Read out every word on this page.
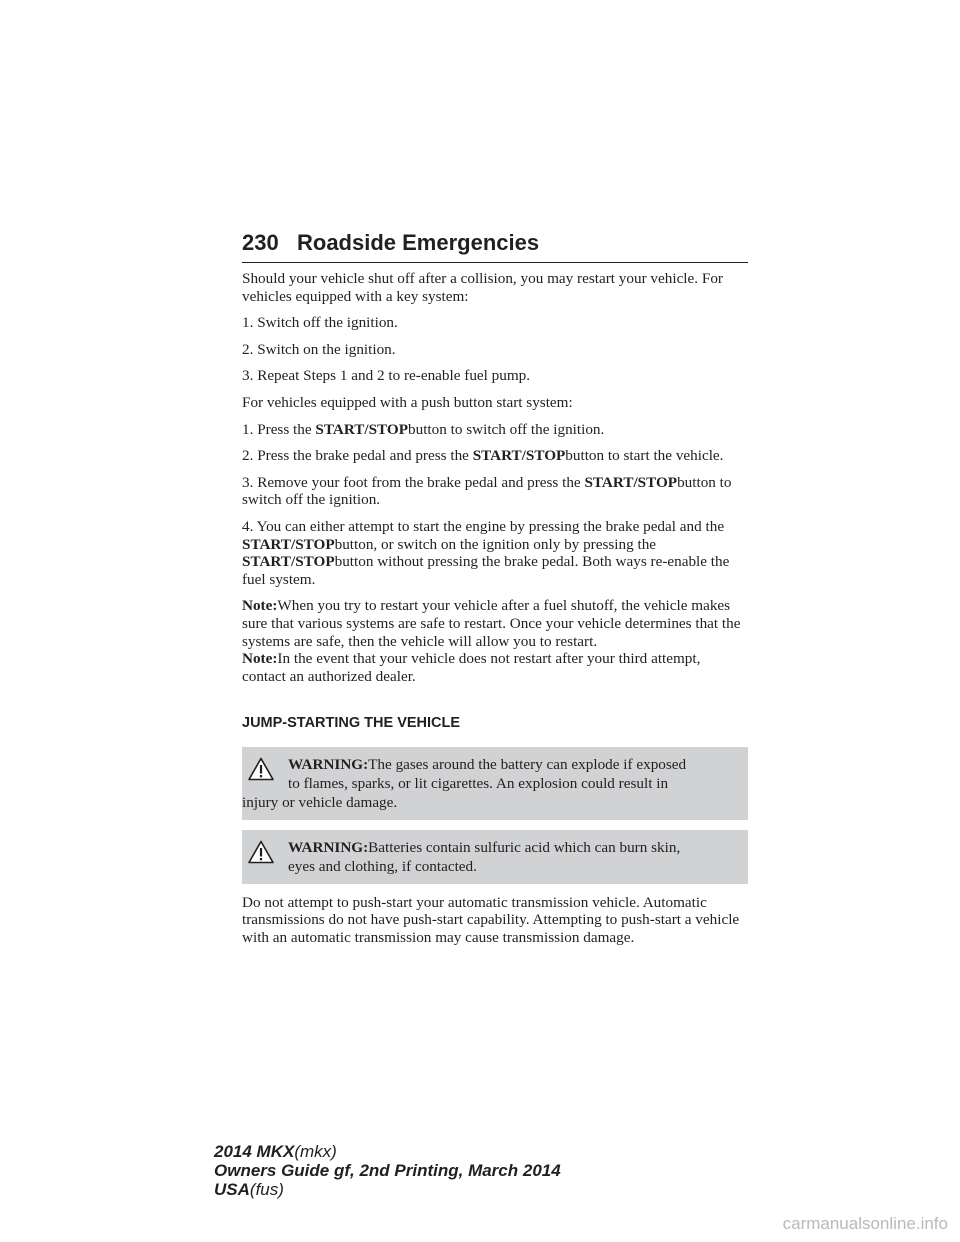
230 Roadside Emergencies

Should your vehicle shut off after a collision, you may restart your vehicle. For vehicles equipped with a key system:

1. Switch off the ignition.

2. Switch on the ignition.

3. Repeat Steps 1 and 2 to re-enable fuel pump.

For vehicles equipped with a push button start system:

1. Press the START/STOPbutton to switch off the ignition.

2. Press the brake pedal and press the START/STOPbutton to start the vehicle.

3. Remove your foot from the brake pedal and press the START/STOPbutton to switch off the ignition.

4. You can either attempt to start the engine by pressing the brake pedal and the START/STOPbutton, or switch on the ignition only by pressing the START/STOPbutton without pressing the brake pedal. Both ways re-enable the fuel system.

Note:When you try to restart your vehicle after a fuel shutoff, the vehicle makes sure that various systems are safe to restart. Once your vehicle determines that the systems are safe, then the vehicle will allow you to restart.

Note:In the event that your vehicle does not restart after your third attempt, contact an authorized dealer.

JUMP-STARTING THE VEHICLE
WARNING:The gases around the battery can explode if exposed
to flames, sparks, or lit cigarettes. An explosion could result in
injury or vehicle damage.
WARNING:Batteries contain sulfuric acid which can burn skin,
eyes and clothing, if contacted.

Do not attempt to push-start your automatic transmission vehicle. Automatic transmissions do not have push-start capability. Attempting to push-start a vehicle with an automatic transmission may cause transmission damage.

2014 MKX(mkx)
Owners Guide gf, 2nd Printing, March 2014
USA(fus)
carmanualsonline.info
